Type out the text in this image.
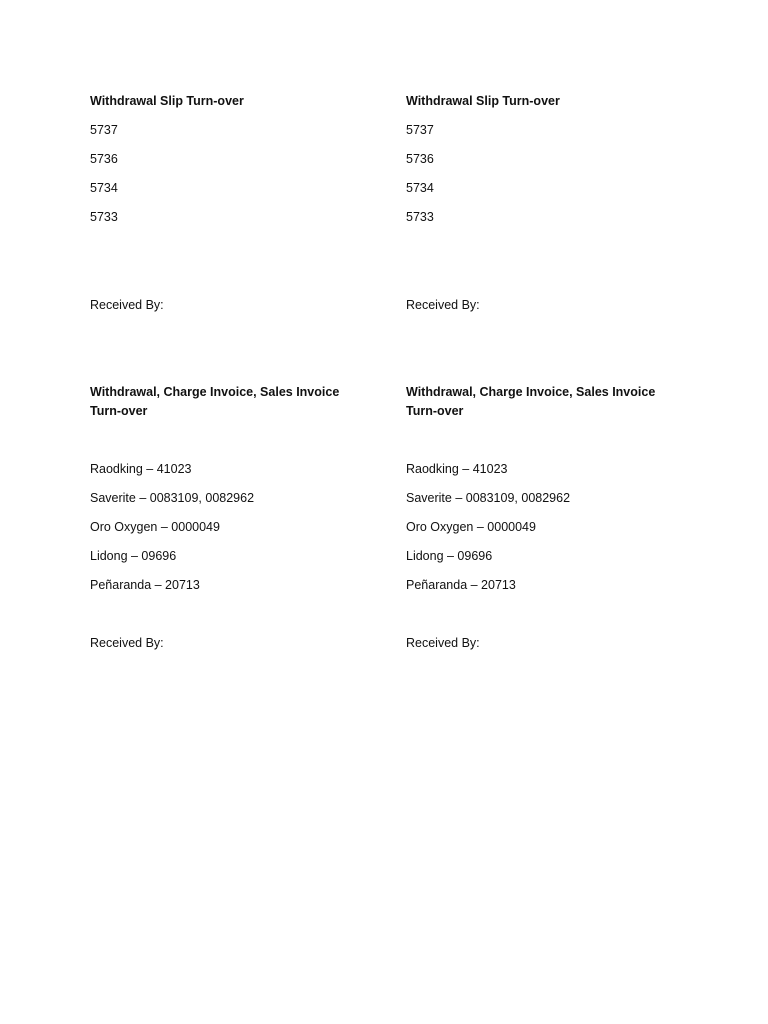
Withdrawal Slip Turn-over
5737
5736
5734
5733
Received By:
Withdrawal, Charge Invoice, Sales Invoice Turn-over
Raodking – 41023
Saverite – 0083109, 0082962
Oro Oxygen – 0000049
Lidong – 09696
Peñaranda – 20713
Received By:
Withdrawal Slip Turn-over
5737
5736
5734
5733
Received By:
Withdrawal, Charge Invoice, Sales Invoice Turn-over
Raodking – 41023
Saverite – 0083109, 0082962
Oro Oxygen – 0000049
Lidong – 09696
Peñaranda – 20713
Received By:
